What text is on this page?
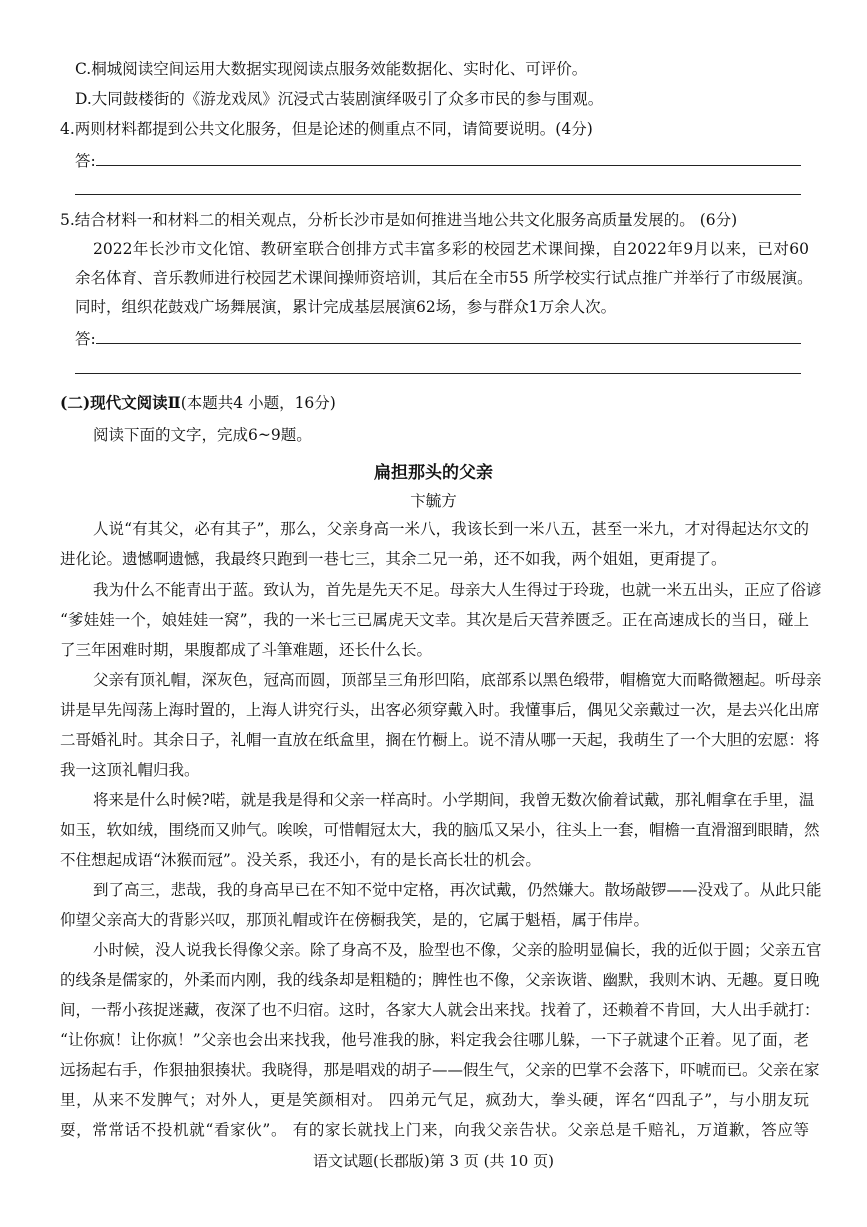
C.桐城阅读空间运用大数据实现阅读点服务效能数据化、实时化、可评价。
D.大同鼓楼街的《游龙戏凤》沉浸式古装剧演绎吸引了众多市民的参与围观。
4.两则材料都提到公共文化服务，但是论述的侧重点不同，请简要说明。(4分)
答:
5.结合材料一和材料二的相关观点，分析长沙市是如何推进当地公共文化服务高质量发展的。 (6分)
2022年长沙市文化馆、教研室联合创排方式丰富多彩的校园艺术课间操，自2022年9月以来，已对60
余名体育、音乐教师进行校园艺术课间操师资培训，其后在全市55 所学校实行试点推广并举行了市级展演。
同时，组织花鼓戏广场舞展演，累计完成基层展演62场，参与群众1万余人次。
答:
(二)现代文阅读Ⅱ(本题共4 小题，16分)
阅读下面的文字，完成6~9题。
扁担那头的父亲
卞毓方
人说“有其父，必有其子”，那么，父亲身高一米八，我该长到一米八五，甚至一米九，才对得起达尔文的
进化论。遗憾啊遗憾，我最终只跑到一巷七三，其余二兄一弟，还不如我，两个姐姐，更甭提了。
我为什么不能青出于蓝。致认为，首先是先天不足。母亲大人生得过于玲珑，也就一米五出头，正应了俗谚
“爹娃娃一个，娘娃娃一窝”，我的一米七三已属虎天文幸。其次是后天营养匮乏。正在高速成长的当日，碰上
了三年困难时期，果腹都成了斗筆难题，还长什么长。
父亲有顶礼帽，深灰色，冠高而圆，顶部呈三角形凹陷，底部系以黑色缎带，帽檐宽大而略微翘起。听母亲
讲是早先闯荡上海时置的，上海人讲究行头，出客必须穿戴入时。我懂事后，偶见父亲戴过一次，是去兴化出席
二哥婚礼时。其余日子，礼帽一直放在纸盒里，搁在竹橱上。说不清从哪一天起，我萌生了一个大胆的宏愿：将
我一这顶礼帽归我。
将来是什么时候?喏，就是我是得和父亲一样高时。小学期间，我曾无数次偷着试戴，那礼帽拿在手里，温
如玉，软如绒，围绕而又帅气。唉唉，可惜帽冠太大，我的脑瓜又呆小，往头上一套，帽檐一直滑溜到眼睛，然
不住想起成语“沐猴而冠”。没关系，我还小，有的是长高长壮的机会。
到了高三，悲哉，我的身高早已在不知不觉中定格，再次试戴，仍然嫌大。散场敲锣——没戏了。从此只能
仰望父亲高大的背影兴叹，那顶礼帽或许在傍橱我笑，是的，它属于魁梧，属于伟岸。
小时候，没人说我长得像父亲。除了身高不及，脸型也不像，父亲的脸明显偏长，我的近似于圆；父亲五官
的线条是儒家的，外柔而内刚，我的线条却是粗糙的；脾性也不像，父亲诙谐、幽默，我则木讷、无趣。夏日晚
间，一帮小孩捉迷藏，夜深了也不归宿。这时，各家大人就会出来找。找着了，还赖着不肯回，大人出手就打：
“让你疯！让你疯！”父亲也会出来找我，他号准我的脉，料定我会往哪儿躲，一下子就逮个正着。见了面，老
远扬起右手，作狠抽狠揍状。我晓得，那是唱戏的胡子——假生气，父亲的巴掌不会落下，吓唬而已。父亲在家
里，从来不发脾气；对外人，更是笑颜相对。 四弟元气足，疯劲大，拳头硬，诨名“四乱子”，与小朋友玩
耍，常常话不投机就“看家伙”。 有的家长就找上门来，向我父亲告状。父亲总是千赔礼，万道歉，答应等
语文试题(长郡版)第 3 页 (共 10 页)
